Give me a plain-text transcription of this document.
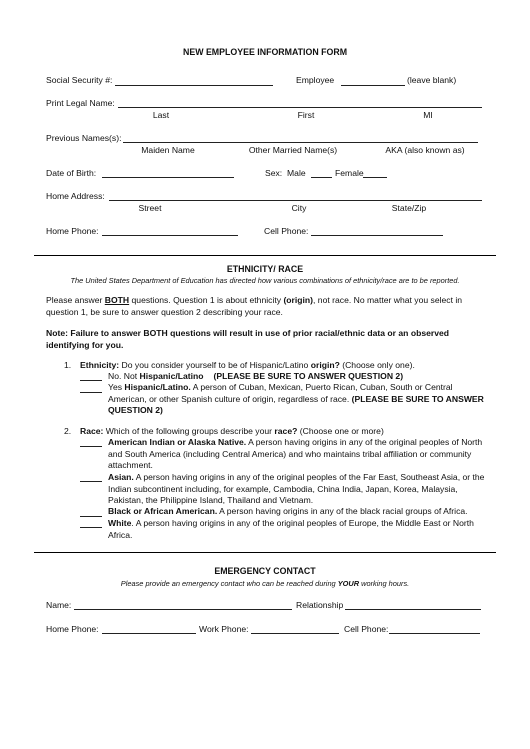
NEW EMPLOYEE INFORMATION FORM
Social Security #:	Employee	(leave blank)
Print Legal Name:
Last	First	MI
Previous Names(s):
Maiden Name	Other Married Name(s)	AKA (also known as)
Date of Birth:	Sex: Male	Female
Home Address:
Street	City	State/Zip
Home Phone:	Cell Phone:
ETHNICITY/ RACE
The United States Department of Education has directed how various combinations of ethnicity/race are to be reported.
Please answer BOTH questions. Question 1 is about ethnicity (origin), not race. No matter what you select in question 1, be sure to answer question 2 describing your race.
Note: Failure to answer BOTH questions will result in use of prior racial/ethnic data or an observed identifying for you.
1. Ethnicity: Do you consider yourself to be of Hispanic/Latino origin? (Choose only one).
No. Not Hispanic/Latino (PLEASE BE SURE TO ANSWER QUESTION 2)
Yes Hispanic/Latino. A person of Cuban, Mexican, Puerto Rican, Cuban, South or Central American, or other Spanish culture of origin, regardless of race. (PLEASE BE SURE TO ANSWER QUESTION 2)
2. Race: Which of the following groups describe your race? (Choose one or more)
American Indian or Alaska Native. A person having origins in any of the original peoples of North and South America (including Central America) and who maintains tribal affiliation or community attachment.
Asian. A person having origins in any of the original peoples of the Far East, Southeast Asia, or the Indian subcontinent including, for example, Cambodia, China India, Japan, Korea, Malaysia, Pakistan, the Philippine Island, Thailand and Vietnam.
Black or African American. A person having origins in any of the black racial groups of Africa.
White. A person having origins in any of the original peoples of Europe, the Middle East or North Africa.
EMERGENCY CONTACT
Please provide an emergency contact who can be reached during YOUR working hours.
Name:	Relationship
Home Phone:	Work Phone:	Cell Phone:
